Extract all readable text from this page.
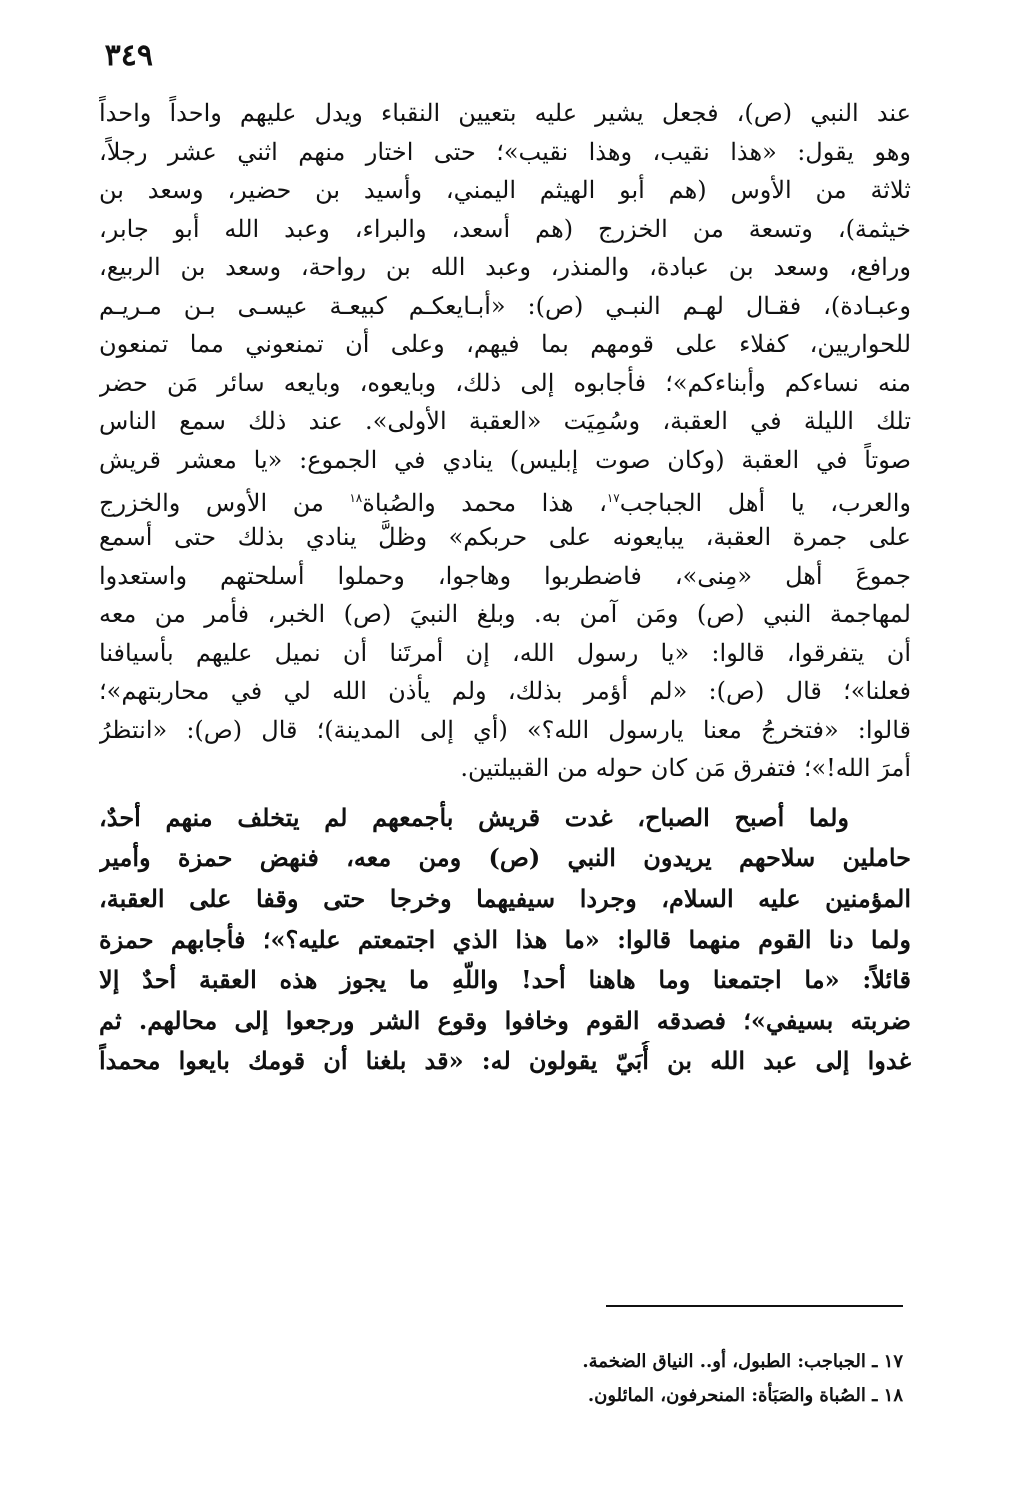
٣٤٩
عند النبي (ص)، فجعل يشير عليه بتعيين النقباء ويدل عليهم واحداً واحداً
وهو يقول: «هذا نقيب، وهذا نقيب»؛ حتى اختار منهم اثني عشر رجلاً،
ثلاثة من الأوس (هم أبو الهيثم اليمني، وأسيد بن حضير، وسعد بن
خيثمة)، وتسعة من الخزرج (هم أسعد، والبراء، وعبد الله أبو جابر،
ورافع، وسعد بن عبادة، والمنذر، وعبد الله بن رواحة، وسعد بن الربيع،
وعبـادة)، فقـال لهـم النبـي (ص): «أبـايعكـم كبيعـة عيسـى بـن مـريـم
للحواريين، كفلاء على قومهم بما فيهم، وعلى أن تمنعوني مما تمنعون
منه نساءكم وأبناءكم»؛ فأجابوه إلى ذلك، وبايعوه، وبايعه سائر مَن حضر
تلك الليلة في العقبة، وسُمِيَت «العقبة الأولى». عند ذلك سمع الناس
صوتاً في العقبة (وكان صوت إبليس) ينادي في الجموع: «يا معشر قريش
والعرب، يا أهل الجباجب$^{١٧}$، هذا محمد والصُباة$^{١٨}$ من الأوس والخزرج
على جمرة العقبة، يبايعونه على حربكم» وظلَّ ينادي بذلك حتى أسمع
جموعَ أهل «مِنى»، فاضطربوا وهاجوا، وحملوا أسلحتهم واستعدوا
لمهاجمة النبي (ص) ومَن آمن به. وبلغ النبيَ (ص) الخبر، فأمر من معه
أن يتفرقوا، قالوا: «يا رسول الله، إن أمرتَنا أن نميل عليهم بأسيافنا
فعلنا»؛ قال (ص): «لم أؤمر بذلك، ولم يأذن الله لي في محاربتهم»؛
قالوا: «فتخرجُ معنا يارسول الله؟» (أي إلى المدينة)؛ قال (ص): «انتظرُ
أمرَ الله!»؛ فتفرق مَن كان حوله من القبيلتين.
ولما أصبح الصباح، غدت قريش بأجمعهم لم يتخلف منهم أحدٌ،
حاملين سلاحهم يريدون النبي (ص) ومن معه، فنهض حمزة وأمير
المؤمنين عليه السلام، وجردا سيفيهما وخرجا حتى وقفا على العقبة،
ولما دنا القوم منهما قالوا: «ما هذا الذي اجتمعتم عليه؟»؛ فأجابهم حمزة
قائلاً: «ما اجتمعنا وما هاهنا أحد! واللّهِ ما يجوز هذه العقبة أحدٌ إلا
ضربته بسيفي»؛ فصدقه القوم وخافوا وقوع الشر ورجعوا إلى محالهم. ثم
غدوا إلى عبد الله بن أُبَيّ يقولون له: «قد بلغنا أن قومك بايعوا محمداً
١٧ ـ الجباجب: الطبول، أو.. النياق الضخمة.
١٨ ـ الصُباة والصَبَأة: المنحرفون، المائلون.
